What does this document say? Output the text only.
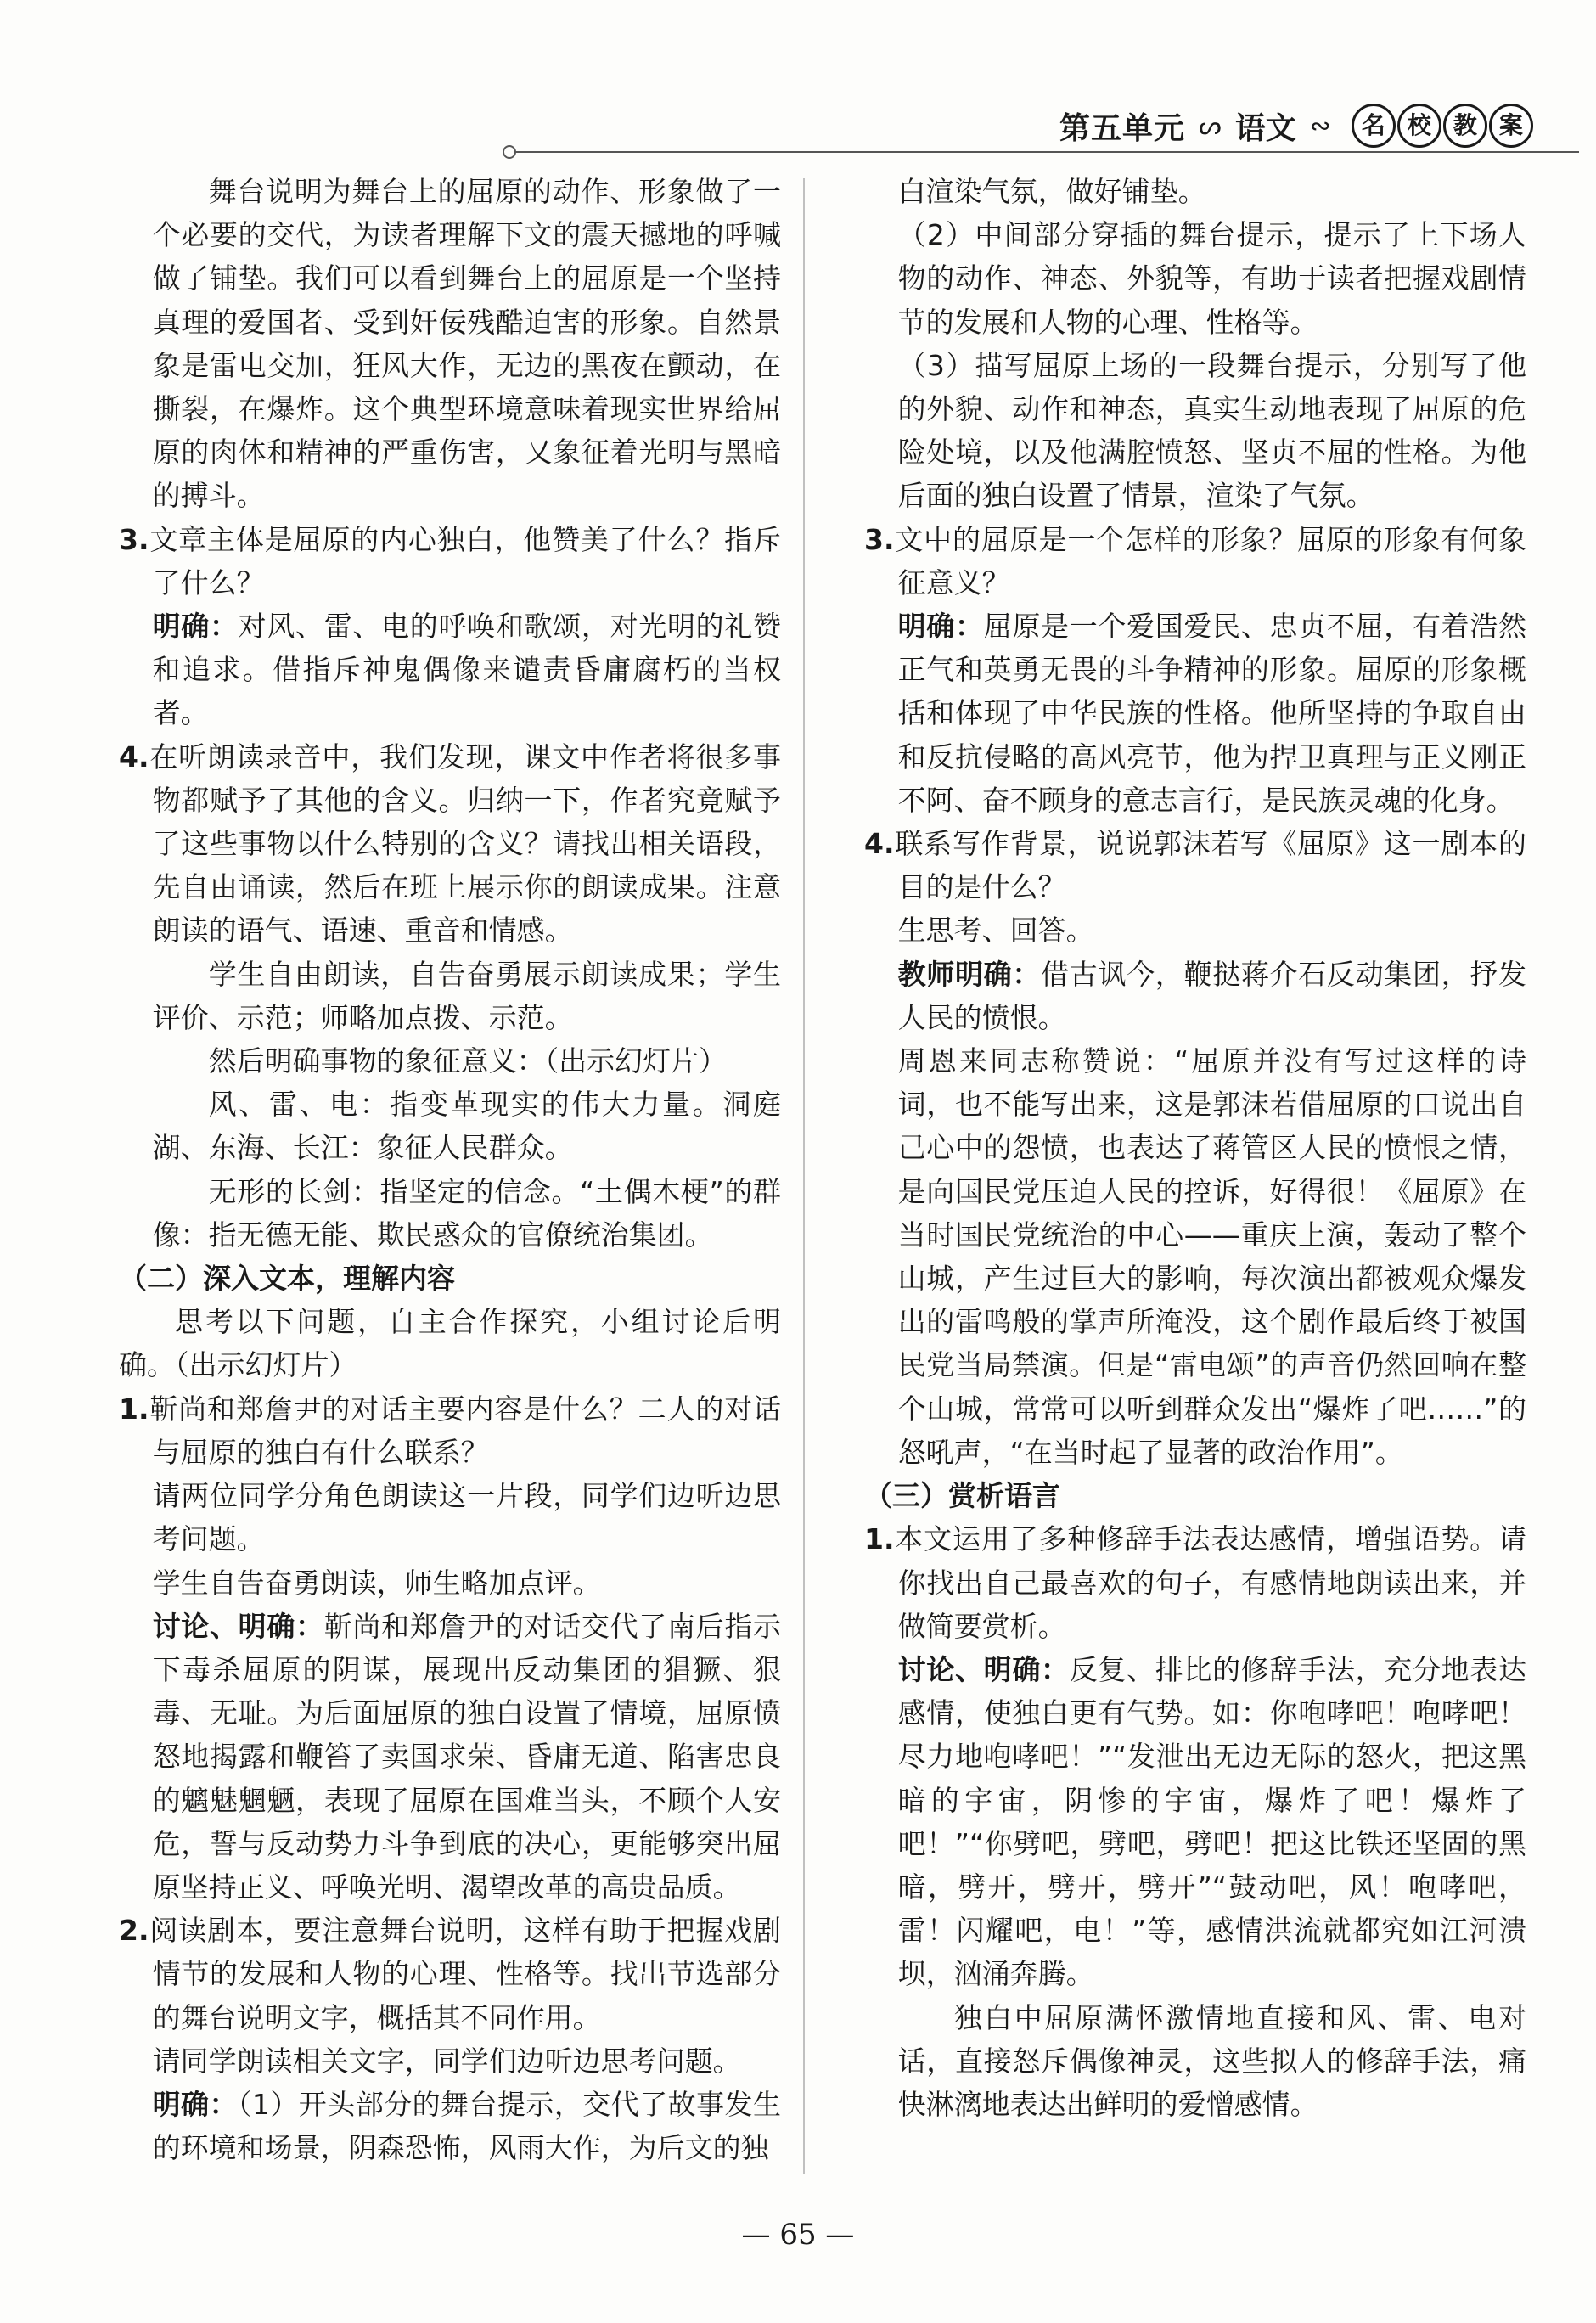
第五单元 ᔕ 语文 ∾	名 校 教 案

舞台说明为舞台上的屈原的动作、形象做了一个必要的交代，为读者理解下文的震天撼地的呼喊做了铺垫。我们可以看到舞台上的屈原是一个坚持真理的爱国者、受到奸佞残酷迫害的形象。自然景象是雷电交加，狂风大作，无边的黑夜在颤动，在撕裂，在爆炸。这个典型环境意味着现实世界给屈原的肉体和精神的严重伤害，又象征着光明与黑暗的搏斗。

3.文章主体是屈原的内心独白，他赞美了什么？指斥了什么？

明确：对风、雷、电的呼唤和歌颂，对光明的礼赞和追求。借指斥神鬼偶像来谴责昏庸腐朽的当权者。

4.在听朗读录音中，我们发现，课文中作者将很多事物都赋予了其他的含义。归纳一下，作者究竟赋予了这些事物以什么特别的含义？请找出相关语段，先自由诵读，然后在班上展示你的朗读成果。注意朗读的语气、语速、重音和情感。

学生自由朗读，自告奋勇展示朗读成果；学生评价、示范；师略加点拨、示范。

然后明确事物的象征意义：（出示幻灯片）

风、雷、电：指变革现实的伟大力量。洞庭湖、东海、长江：象征人民群众。

无形的长剑：指坚定的信念。“土偶木梗”的群像：指无德无能、欺民惑众的官僚统治集团。

（二）深入文本，理解内容

思考以下问题，自主合作探究，小组讨论后明确。（出示幻灯片）

1.靳尚和郑詹尹的对话主要内容是什么？二人的对话与屈原的独白有什么联系？

请两位同学分角色朗读这一片段，同学们边听边思考问题。

学生自告奋勇朗读，师生略加点评。

讨论、明确：靳尚和郑詹尹的对话交代了南后指示下毒杀屈原的阴谋，展现出反动集团的猖獗、狠毒、无耻。为后面屈原的独白设置了情境，屈原愤怒地揭露和鞭笞了卖国求荣、昏庸无道、陷害忠良的魑魅魍魉，表现了屈原在国难当头，不顾个人安危，誓与反动势力斗争到底的决心，更能够突出屈原坚持正义、呼唤光明、渴望改革的高贵品质。

2.阅读剧本，要注意舞台说明，这样有助于把握戏剧情节的发展和人物的心理、性格等。找出节选部分的舞台说明文字，概括其不同作用。

请同学朗读相关文字，同学们边听边思考问题。

明确：（1）开头部分的舞台提示，交代了故事发生的环境和场景，阴森恐怖，风雨大作，为后文的独

白渲染气氛，做好铺垫。

（2）中间部分穿插的舞台提示，提示了上下场人物的动作、神态、外貌等，有助于读者把握戏剧情节的发展和人物的心理、性格等。

（3）描写屈原上场的一段舞台提示，分别写了他的外貌、动作和神态，真实生动地表现了屈原的危险处境，以及他满腔愤怒、坚贞不屈的性格。为他后面的独白设置了情景，渲染了气氛。

3.文中的屈原是一个怎样的形象？屈原的形象有何象征意义？

明确：屈原是一个爱国爱民、忠贞不屈，有着浩然正气和英勇无畏的斗争精神的形象。屈原的形象概括和体现了中华民族的性格。他所坚持的争取自由和反抗侵略的高风亮节，他为捍卫真理与正义刚正不阿、奋不顾身的意志言行，是民族灵魂的化身。

4.联系写作背景，说说郭沫若写《屈原》这一剧本的目的是什么？

生思考、回答。

教师明确：借古讽今，鞭挞蒋介石反动集团，抒发人民的愤恨。

周恩来同志称赞说：“屈原并没有写过这样的诗词，也不能写出来，这是郭沫若借屈原的口说出自己心中的怨愤，也表达了蒋管区人民的愤恨之情，是向国民党压迫人民的控诉，好得很！《屈原》在当时国民党统治的中心——重庆上演，轰动了整个山城，产生过巨大的影响，每次演出都被观众爆发出的雷鸣般的掌声所淹没，这个剧作最后终于被国民党当局禁演。但是“雷电颂”的声音仍然回响在整个山城，常常可以听到群众发出“爆炸了吧……”的怒吼声，“在当时起了显著的政治作用”。

（三）赏析语言

1.本文运用了多种修辞手法表达感情，增强语势。请你找出自己最喜欢的句子，有感情地朗读出来，并做简要赏析。

讨论、明确：反复、排比的修辞手法，充分地表达感情，使独白更有气势。如：你咆哮吧！咆哮吧！尽力地咆哮吧！”“发泄出无边无际的怒火，把这黑暗的宇宙，阴惨的宇宙，爆炸了吧！爆炸了吧！”“你劈吧，劈吧，劈吧！把这比铁还坚固的黑暗，劈开，劈开，劈开”“鼓动吧，风！咆哮吧，雷！闪耀吧，电！”等，感情洪流就都究如江河溃坝，汹涌奔腾。

独白中屈原满怀激情地直接和风、雷、电对话，直接怒斥偶像神灵，这些拟人的修辞手法，痛快淋漓地表达出鲜明的爱憎感情。

— 65 —
